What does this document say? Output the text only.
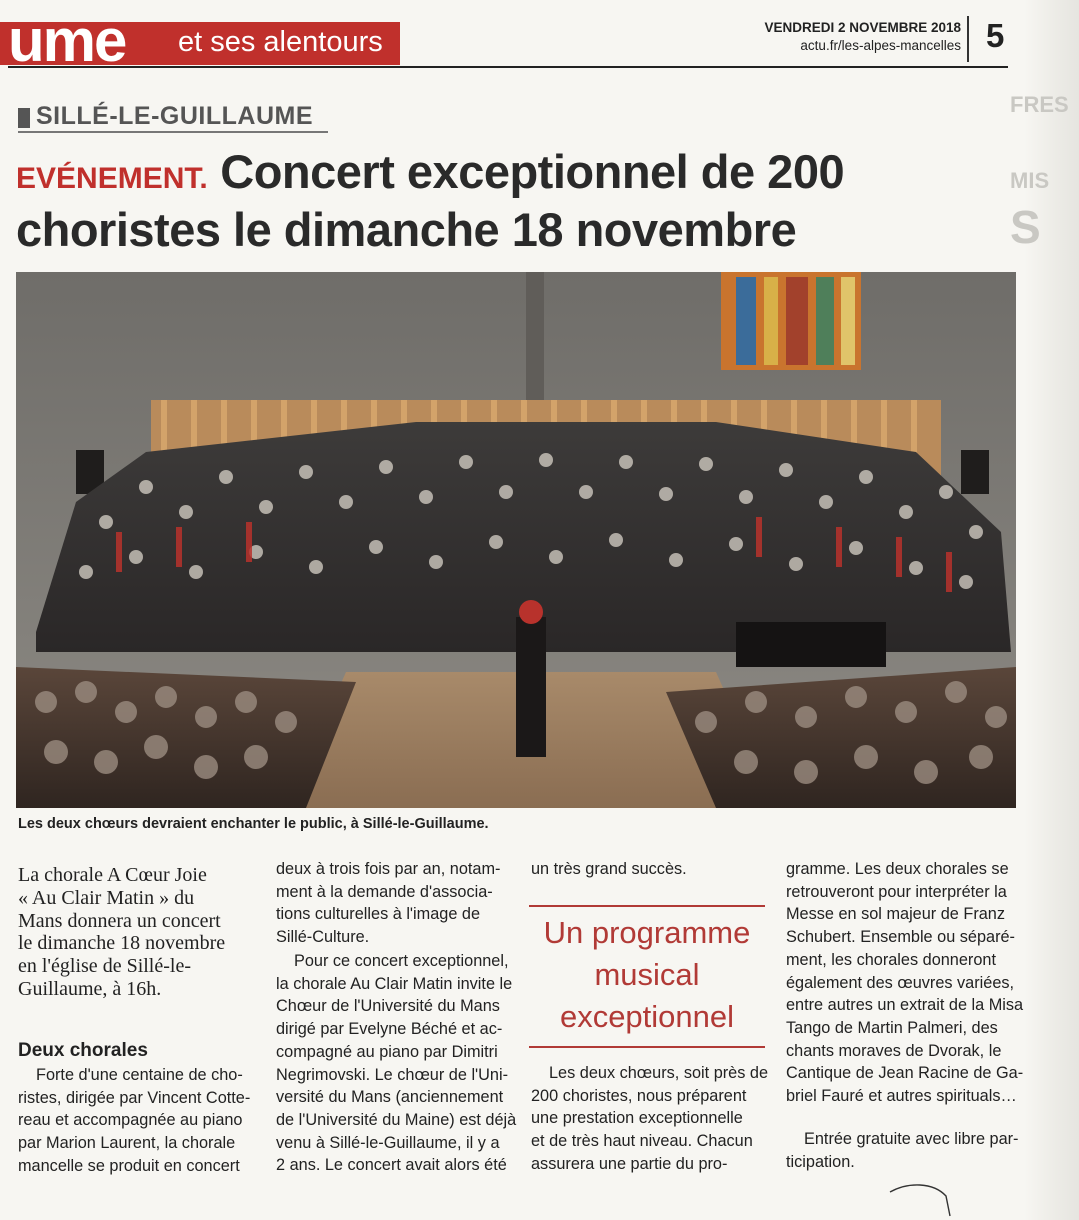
FRES
MIS
S
ume et ses alentours	VENDREDI 2 NOVEMBRE 2018
actu.fr/les-alpes-mancelles 5
SILLÉ-LE-GUILLAUME
EVÉNEMENT. Concert exceptionnel de 200 choristes le dimanche 18 novembre
Les deux chœurs devraient enchanter le public, à Sillé-le-Guillaume.

La chorale A Cœur Joie

« Au Clair Matin » du

Mans donnera un concert

le dimanche 18 novembre

en l'église de Sillé-le-

Guillaume, à 16h.

Deux chorales

Forte d'une centaine de cho-
ristes, dirigée par Vincent Cotte-
reau et accompagnée au piano
par Marion Laurent, la chorale
mancelle se produit en concert

deux à trois fois par an, notam-
ment à la demande d'associa-
tions culturelles à l'image de
Sillé-Culture.

Pour ce concert exceptionnel,
la chorale Au Clair Matin invite le
Chœur de l'Université du Mans
dirigé par Evelyne Béché et ac-
compagné au piano par Dimitri
Negrimovski. Le chœur de l'Uni-
versité du Mans (anciennement
de l'Université du Maine) est déjà
venu à Sillé-le-Guillaume, il y a
2 ans. Le concert avait alors été

un très grand succès.

Un programme
musical
exceptionnel

Les deux chœurs, soit près de
200 choristes, nous préparent
une prestation exceptionnelle
et de très haut niveau. Chacun
assurera une partie du pro-

gramme. Les deux chorales se
retrouveront pour interpréter la
Messe en sol majeur de Franz
Schubert. Ensemble ou séparé-
ment, les chorales donneront
également des œuvres variées,
entre autres un extrait de la Misa
Tango de Martin Palmeri, des
chants moraves de Dvorak, le
Cantique de Jean Racine de Ga-
briel Fauré et autres spirituals…

Entrée gratuite avec libre par-
ticipation.
